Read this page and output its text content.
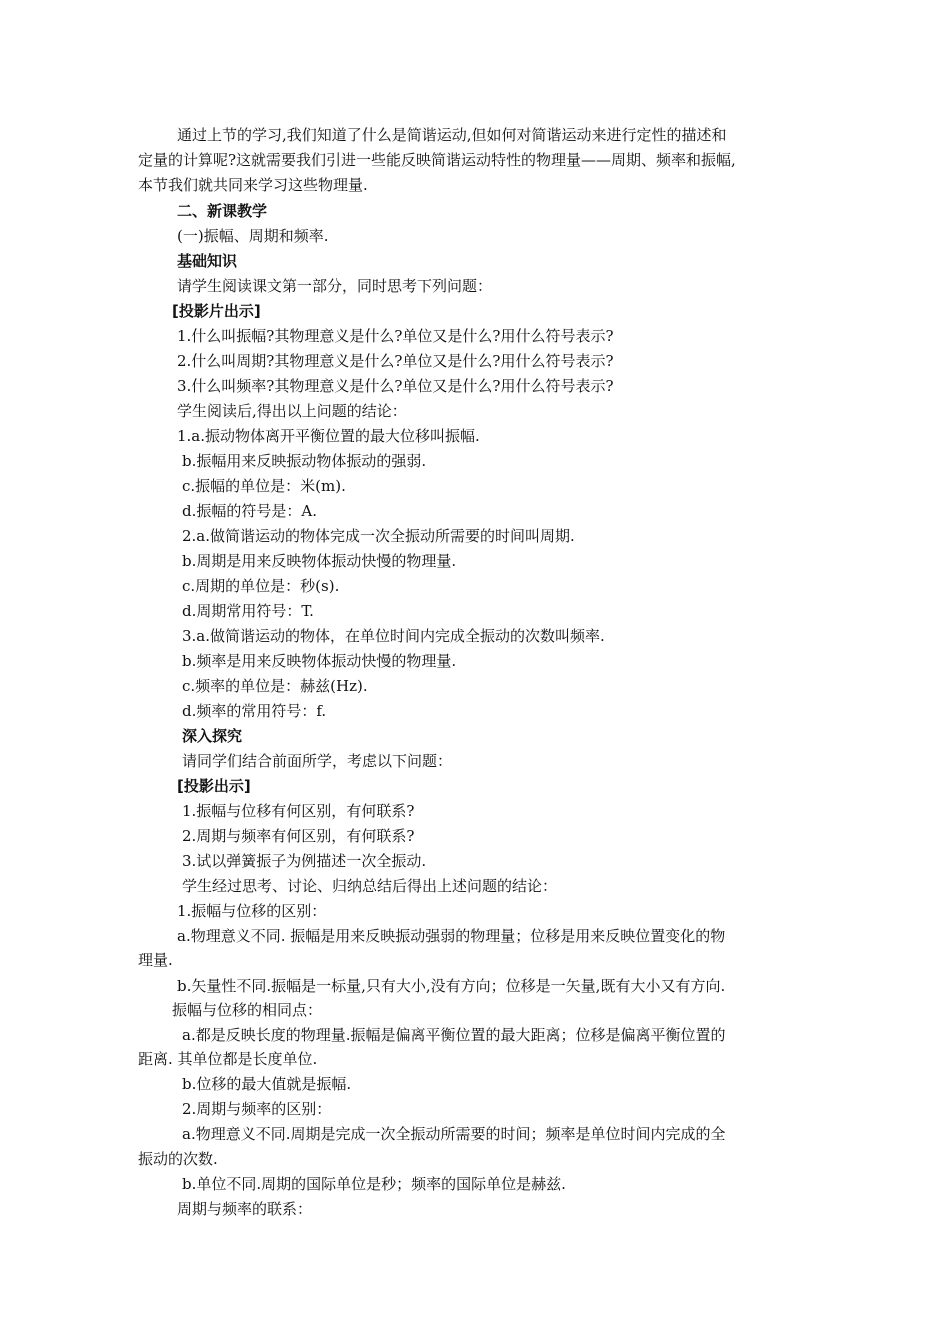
通过上节的学习,我们知道了什么是简谐运动,但如何对简谐运动来进行定性的描述和
定量的计算呢?这就需要我们引进一些能反映简谐运动特性的物理量——周期、频率和振幅,
本节我们就共同来学习这些物理量.
二、新课教学
(一)振幅、周期和频率.
基础知识
请学生阅读课文第一部分，同时思考下列问题：
[投影片出示]
1.什么叫振幅?其物理意义是什么?单位又是什么?用什么符号表示?
2.什么叫周期?其物理意义是什么?单位又是什么?用什么符号表示?
3.什么叫频率?其物理意义是什么?单位又是什么?用什么符号表示?
学生阅读后,得出以上问题的结论：
1.a.振动物体离开平衡位置的最大位移叫振幅.
b.振幅用来反映振动物体振动的强弱.
c.振幅的单位是：米(m).
d.振幅的符号是：A.
2.a.做简谐运动的物体完成一次全振动所需要的时间叫周期.
b.周期是用来反映物体振动快慢的物理量.
c.周期的单位是：秒(s).
d.周期常用符号：T.
3.a.做简谐运动的物体，在单位时间内完成全振动的次数叫频率.
b.频率是用来反映物体振动快慢的物理量.
c.频率的单位是：赫兹(Hz).
d.频率的常用符号：f.
深入探究
请同学们结合前面所学，考虑以下问题：
[投影出示]
1.振幅与位移有何区别，有何联系?
2.周期与频率有何区别，有何联系?
3.试以弹簧振子为例描述一次全振动.
学生经过思考、讨论、归纳总结后得出上述问题的结论：
1.振幅与位移的区别：
a.物理意义不同. 振幅是用来反映振动强弱的物理量；位移是用来反映位置变化的物
理量.
b.矢量性不同.振幅是一标量,只有大小,没有方向；位移是一矢量,既有大小又有方向.
振幅与位移的相同点：
a.都是反映长度的物理量.振幅是偏离平衡位置的最大距离；位移是偏离平衡位置的
距离. 其单位都是长度单位.
b.位移的最大值就是振幅.
2.周期与频率的区别：
a.物理意义不同.周期是完成一次全振动所需要的时间；频率是单位时间内完成的全
振动的次数.
b.单位不同.周期的国际单位是秒；频率的国际单位是赫兹.
周期与频率的联系：
